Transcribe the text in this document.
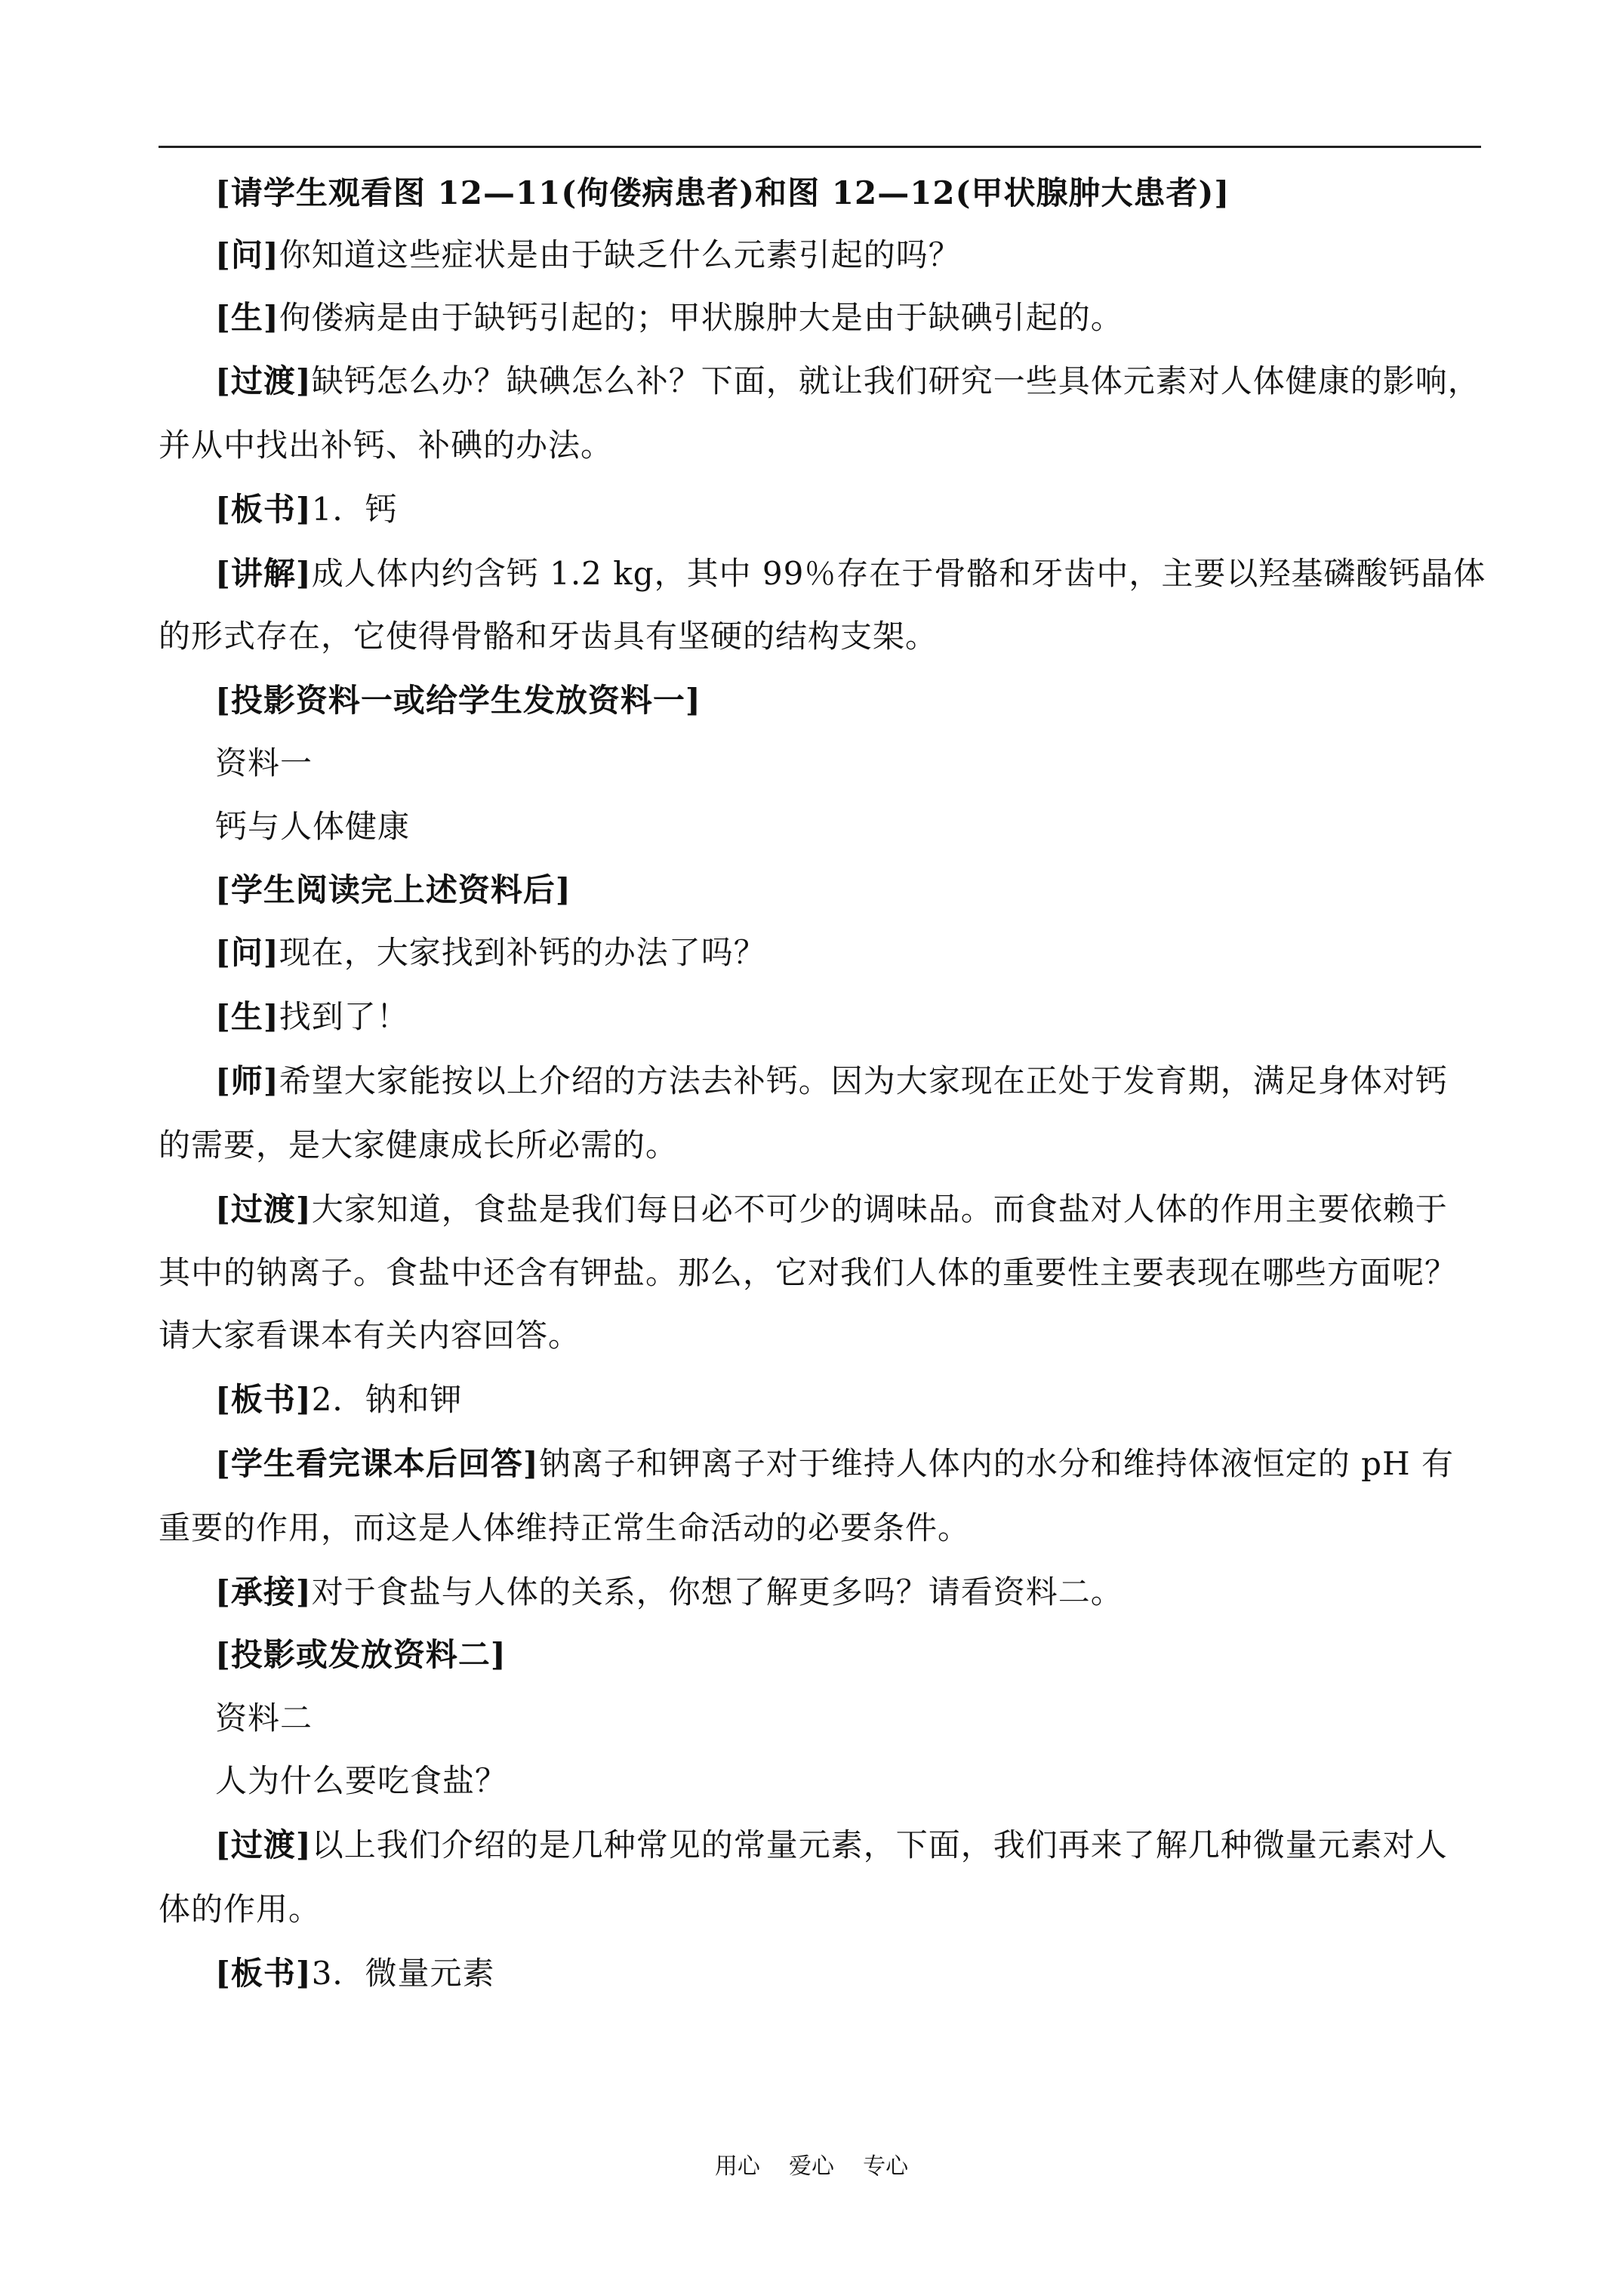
[请学生观看图 12—11(佝偻病患者)和图 12—12(甲状腺肿大患者)]
[问]你知道这些症状是由于缺乏什么元素引起的吗？
[生]佝偻病是由于缺钙引起的；甲状腺肿大是由于缺碘引起的。
[过渡]缺钙怎么办？缺碘怎么补？下面，就让我们研究一些具体元素对人体健康的影响，
并从中找出补钙、补碘的办法。
[板书]1．钙
[讲解]成人体内约含钙 1.2 kg，其中 99％存在于骨骼和牙齿中，主要以羟基磷酸钙晶体
的形式存在，它使得骨骼和牙齿具有坚硬的结构支架。
[投影资料一或给学生发放资料一]
资料一
钙与人体健康
[学生阅读完上述资料后]
[问]现在，大家找到补钙的办法了吗？
[生]找到了！
[师]希望大家能按以上介绍的方法去补钙。因为大家现在正处于发育期，满足身体对钙
的需要，是大家健康成长所必需的。
[过渡]大家知道，食盐是我们每日必不可少的调味品。而食盐对人体的作用主要依赖于
其中的钠离子。食盐中还含有钾盐。那么，它对我们人体的重要性主要表现在哪些方面呢？
请大家看课本有关内容回答。
[板书]2．钠和钾
[学生看完课本后回答]钠离子和钾离子对于维持人体内的水分和维持体液恒定的 pH 有
重要的作用，而这是人体维持正常生命活动的必要条件。
[承接]对于食盐与人体的关系，你想了解更多吗？请看资料二。
[投影或发放资料二]
资料二
人为什么要吃食盐？
[过渡]以上我们介绍的是几种常见的常量元素，下面，我们再来了解几种微量元素对人
体的作用。
[板书]3．微量元素
用心    爱心    专心
